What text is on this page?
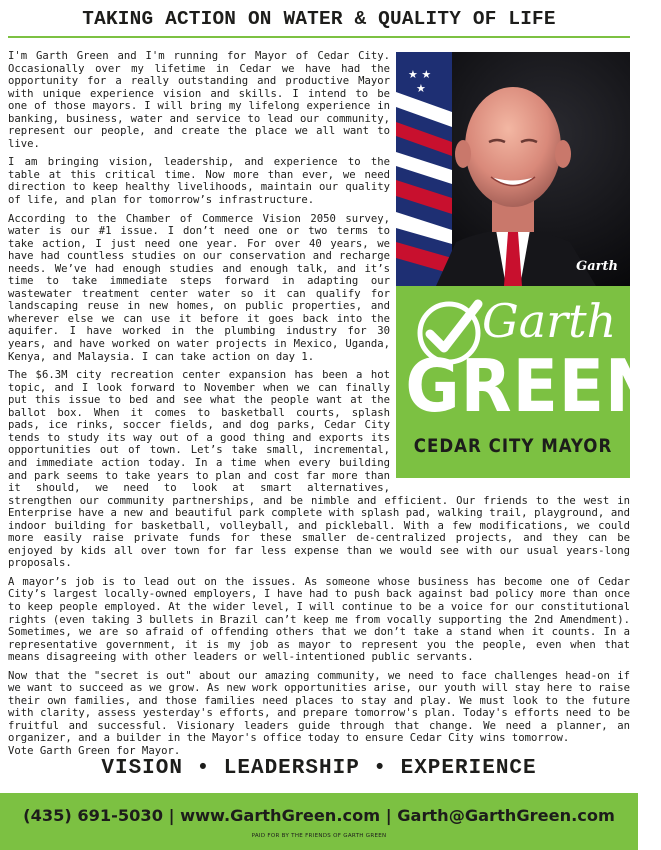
TAKING ACTION ON WATER & QUALITY OF LIFE
★ ★
★
Garth
Garth
GREEN
CEDAR CITY MAYOR

I'm Garth Green and I'm running for Mayor of Cedar City. Occasionally over my lifetime in Cedar we have had the opportunity for a really outstanding and productive Mayor with unique experience vision and skills. I intend to be one of those mayors. I will bring my lifelong experience in banking, business, water and service to lead our community, represent our people, and create the place we all want to live.

I am bringing vision, leadership, and experience to the table at this critical time. Now more than ever, we need direction to keep healthy livelihoods, maintain our quality of life, and plan for tomorrow’s infrastructure.

According to the Chamber of Commerce Vision 2050 survey, water is our #1 issue. I don’t need one or two terms to take action, I just need one year. For over 40 years, we have had countless studies on our conservation and recharge needs. We’ve had enough studies and enough talk, and it’s time to take immediate steps forward in adapting our wastewater treatment center water so it can qualify for landscaping reuse in new homes, on public properties, and wherever else we can use it before it goes back into the aquifer. I have worked in the plumbing industry for 30 years, and have worked on water projects in Mexico, Uganda, Kenya, and Malaysia. I can take action on day 1.

The $6.3M city recreation center expansion has been a hot topic, and I look forward to November when we can finally put this issue to bed and see what the people want at the ballot box. When it comes to basketball courts, splash pads, ice rinks, soccer fields, and dog parks, Cedar City tends to study its way out of a good thing and exports its opportunities out of town. Let’s take small, incremental, and immediate action today. In a time when every building and park seems to take years to plan and cost far more than it should, we need to look at smart alternatives, strengthen our community partnerships, and be nimble and efficient. Our friends to the west in Enterprise have a new and beautiful park complete with splash pad, walking trail, playground, and indoor building for basketball, volleyball, and pickleball. With a few modifications, we could more easily raise private funds for these smaller de-centralized projects, and they can be enjoyed by kids all over town for far less expense than we would see with our usual years-long proposals.

A mayor’s job is to lead out on the issues. As someone whose business has become one of Cedar City’s largest locally-owned employers, I have had to push back against bad policy more than once to keep people employed. At the wider level, I will continue to be a voice for our constitutional rights (even taking 3 bullets in Brazil can’t keep me from vocally supporting the 2nd Amendment). Sometimes, we are so afraid of offending others that we don’t take a stand when it counts. In a representative government, it is my job as mayor to represent you the people, even when that means disagreeing with other leaders or well-intentioned public servants.

Now that the "secret is out" about our amazing community, we need to face challenges head-on if we want to succeed as we grow. As new work opportunities arise, our youth will stay here to raise their own families, and those families need places to stay and play. We must look to the future with clarity, assess yesterday's efforts, and prepare tomorrow's plan. Today's efforts need to be fruitful and successful. Visionary leaders guide through that change. We need a planner, an organizer, and a builder in the Mayor's office today to ensure Cedar City wins tomorrow.

Vote Garth Green for Mayor.

VISION • LEADERSHIP • EXPERIENCE
(435) 691-5030 | www.GarthGreen.com | Garth@GarthGreen.com
PAID FOR BY THE FRIENDS OF GARTH GREEN
